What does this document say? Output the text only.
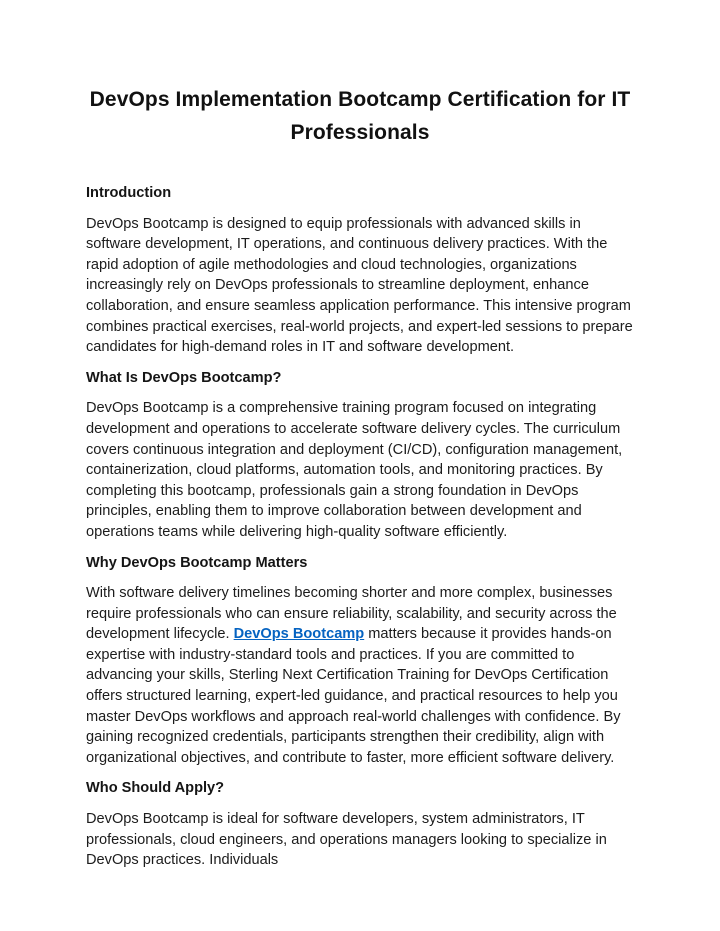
DevOps Implementation Bootcamp Certification for IT Professionals
Introduction

DevOps Bootcamp is designed to equip professionals with advanced skills in software development, IT operations, and continuous delivery practices. With the rapid adoption of agile methodologies and cloud technologies, organizations increasingly rely on DevOps professionals to streamline deployment, enhance collaboration, and ensure seamless application performance. This intensive program combines practical exercises, real-world projects, and expert-led sessions to prepare candidates for high-demand roles in IT and software development.

What Is DevOps Bootcamp?

DevOps Bootcamp is a comprehensive training program focused on integrating development and operations to accelerate software delivery cycles. The curriculum covers continuous integration and deployment (CI/CD), configuration management, containerization, cloud platforms, automation tools, and monitoring practices. By completing this bootcamp, professionals gain a strong foundation in DevOps principles, enabling them to improve collaboration between development and operations teams while delivering high-quality software efficiently.

Why DevOps Bootcamp Matters

With software delivery timelines becoming shorter and more complex, businesses require professionals who can ensure reliability, scalability, and security across the development lifecycle. DevOps Bootcamp matters because it provides hands-on expertise with industry-standard tools and practices. If you are committed to advancing your skills, Sterling Next Certification Training for DevOps Certification offers structured learning, expert-led guidance, and practical resources to help you master DevOps workflows and approach real-world challenges with confidence. By gaining recognized credentials, participants strengthen their credibility, align with organizational objectives, and contribute to faster, more efficient software delivery.

Who Should Apply?

DevOps Bootcamp is ideal for software developers, system administrators, IT professionals, cloud engineers, and operations managers looking to specialize in DevOps practices. Individuals
